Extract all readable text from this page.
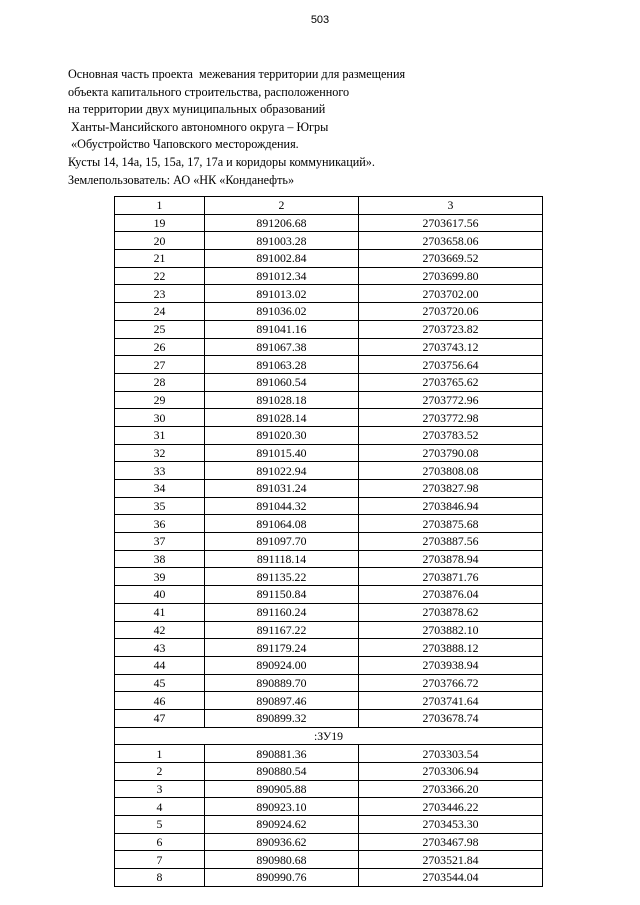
503
Основная часть проекта  межевания территории для размещения
объекта капитального строительства, расположенного
на территории двух муниципальных образований
Ханты-Мансийского автономного округа – Югры
«Обустройство Чаповского месторождения.
Кусты 14, 14а, 15, 15а, 17, 17а и коридоры коммуникаций».
Землепользователь: АО «НК «Конданефть»
1	2	3
19	891206.68	2703617.56
20	891003.28	2703658.06
21	891002.84	2703669.52
22	891012.34	2703699.80
23	891013.02	2703702.00
24	891036.02	2703720.06
25	891041.16	2703723.82
26	891067.38	2703743.12
27	891063.28	2703756.64
28	891060.54	2703765.62
29	891028.18	2703772.96
30	891028.14	2703772.98
31	891020.30	2703783.52
32	891015.40	2703790.08
33	891022.94	2703808.08
34	891031.24	2703827.98
35	891044.32	2703846.94
36	891064.08	2703875.68
37	891097.70	2703887.56
38	891118.14	2703878.94
39	891135.22	2703871.76
40	891150.84	2703876.04
41	891160.24	2703878.62
42	891167.22	2703882.10
43	891179.24	2703888.12
44	890924.00	2703938.94
45	890889.70	2703766.72
46	890897.46	2703741.64
47	890899.32	2703678.74
:ЗУ19		
1	890881.36	2703303.54
2	890880.54	2703306.94
3	890905.88	2703366.20
4	890923.10	2703446.22
5	890924.62	2703453.30
6	890936.62	2703467.98
7	890980.68	2703521.84
8	890990.76	2703544.04
